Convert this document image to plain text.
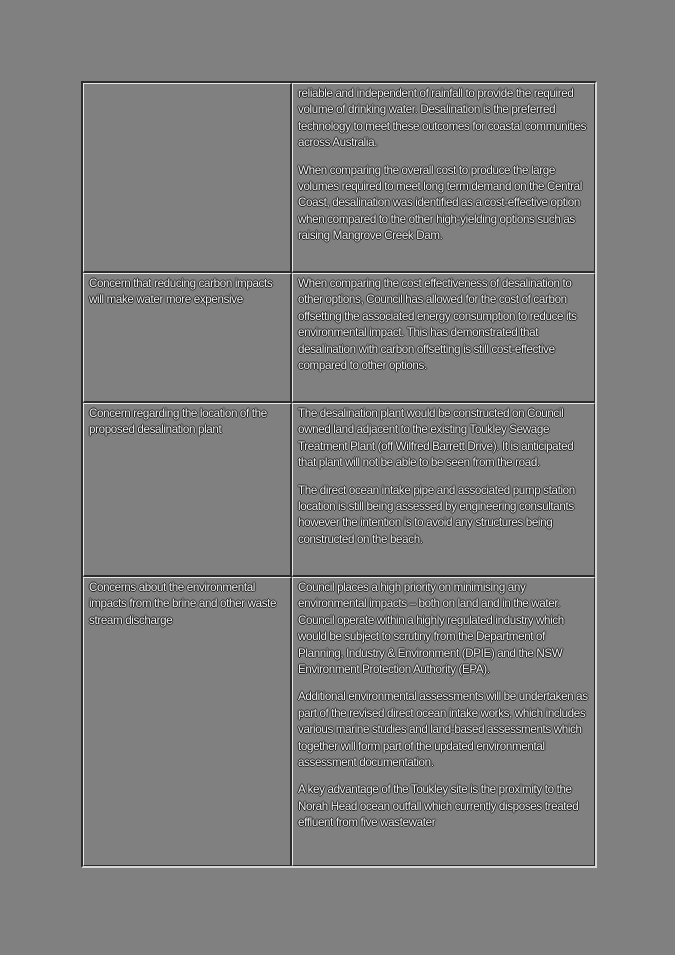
reliable and independent of rainfall to provide the required volume of drinking water. Desalination is the preferred technology to meet these outcomes for coastal communities across Australia.

When comparing the overall cost to produce the large volumes required to meet long term demand on the Central Coast, desalination was identified as a cost-effective option when compared to the other high-yielding options such as raising Mangrove Creek Dam.

Concern that reducing carbon impacts will make water more expensive

When comparing the cost effectiveness of desalination to other options, Council has allowed for the cost of carbon offsetting the associated energy consumption to reduce its environmental impact. This has demonstrated that desalination with carbon offsetting is still cost-effective compared to other options.

Concern regarding the location of the proposed desalination plant

The desalination plant would be constructed on Council owned land adjacent to the existing Toukley Sewage Treatment Plant (off Wilfred Barrett Drive). It is anticipated that plant will not be able to be seen from the road.

The direct ocean intake pipe and associated pump station location is still being assessed by engineering consultants however the intention is to avoid any structures being constructed on the beach.

Concerns about the environmental impacts from the brine and other waste stream discharge

Council places a high priority on minimising any environmental impacts – both on land and in the water. Council operate within a highly regulated industry which would be subject to scrutiny from the Department of Planning, Industry & Environment (DPIE) and the NSW Environment Protection Authority (EPA).

Additional environmental assessments will be undertaken as part of the revised direct ocean intake works, which includes various marine studies and land-based assessments which together will form part of the updated environmental assessment documentation.

A key advantage of the Toukley site is the proximity to the Norah Head ocean outfall which currently disposes treated effluent from five wastewater
